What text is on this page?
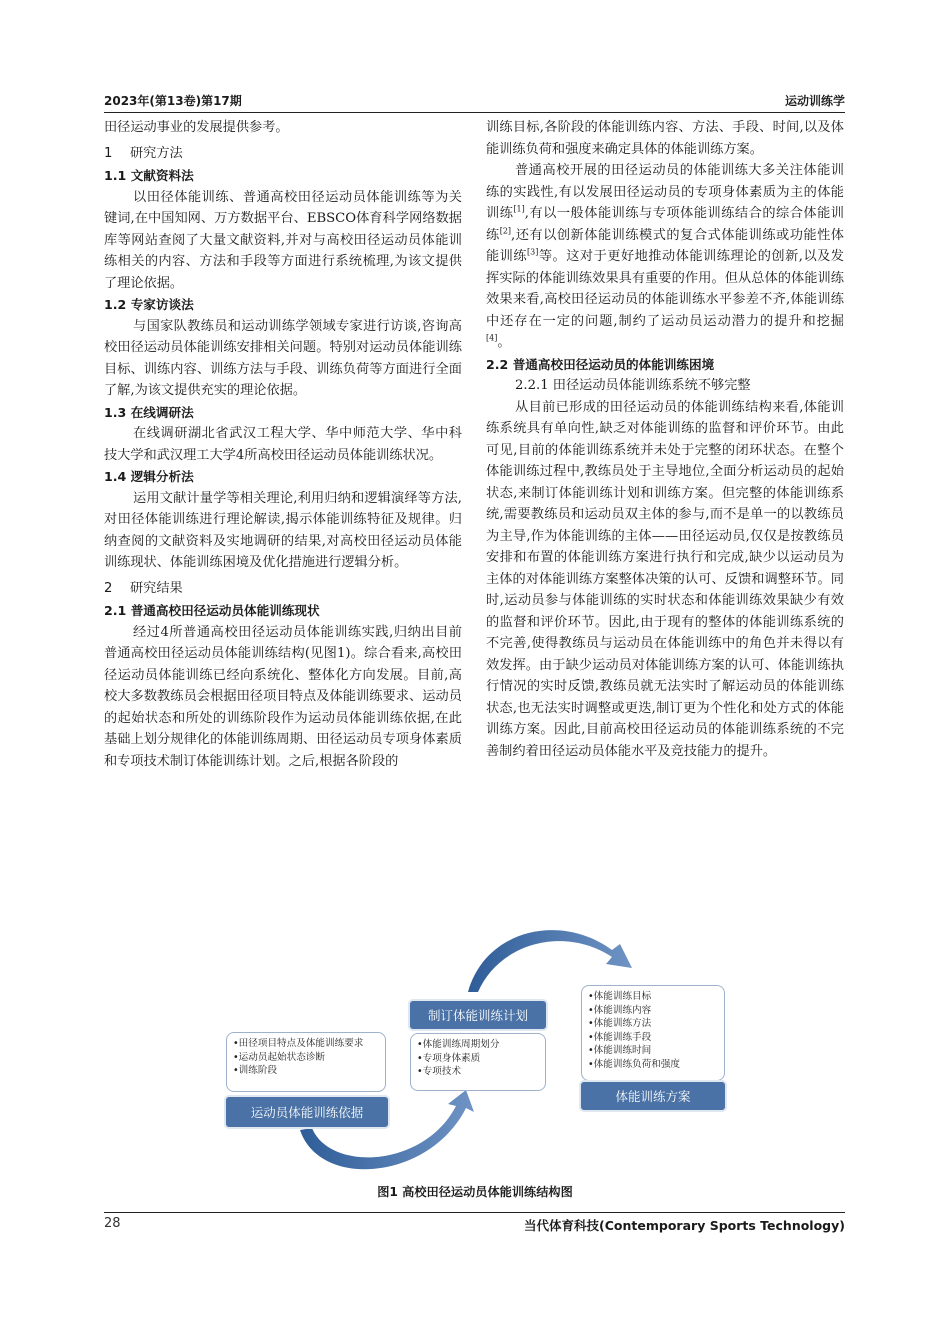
2023年(第13卷)第17期	运动训练学

田径运动事业的发展提供参考。

1 研究方法
1.1 文献资料法

以田径体能训练、普通高校田径运动员体能训练等为关键词,在中国知网、万方数据平台、EBSCO体育科学网络数据库等网站查阅了大量文献资料,并对与高校田径运动员体能训练相关的内容、方法和手段等方面进行系统梳理,为该文提供了理论依据。

1.2 专家访谈法

与国家队教练员和运动训练学领域专家进行访谈,咨询高校田径运动员体能训练安排相关问题。特别对运动员体能训练目标、训练内容、训练方法与手段、训练负荷等方面进行全面了解,为该文提供充实的理论依据。

1.3 在线调研法

在线调研湖北省武汉工程大学、华中师范大学、华中科技大学和武汉理工大学4所高校田径运动员体能训练状况。

1.4 逻辑分析法

运用文献计量学等相关理论,利用归纳和逻辑演绎等方法,对田径体能训练进行理论解读,揭示体能训练特征及规律。归纳查阅的文献资料及实地调研的结果,对高校田径运动员体能训练现状、体能训练困境及优化措施进行逻辑分析。

2 研究结果
2.1 普通高校田径运动员体能训练现状

经过4所普通高校田径运动员体能训练实践,归纳出目前普通高校田径运动员体能训练结构(见图1)。综合看来,高校田径运动员体能训练已经向系统化、整体化方向发展。目前,高校大多数教练员会根据田径项目特点及体能训练要求、运动员的起始状态和所处的训练阶段作为运动员体能训练依据,在此基础上划分规律化的体能训练周期、田径运动员专项身体素质和专项技术制订体能训练计划。之后,根据各阶段的

训练目标,各阶段的体能训练内容、方法、手段、时间,以及体能训练负荷和强度来确定具体的体能训练方案。

普通高校开展的田径运动员的体能训练大多关注体能训练的实践性,有以发展田径运动员的专项身体素质为主的体能训练[1],有以一般体能训练与专项体能训练结合的综合体能训练[2],还有以创新体能训练模式的复合式体能训练或功能性体能训练[3]等。这对于更好地推动体能训练理论的创新,以及发挥实际的体能训练效果具有重要的作用。但从总体的体能训练效果来看,高校田径运动员的体能训练水平参差不齐,体能训练中还存在一定的问题,制约了运动员运动潜力的提升和挖掘[4]。

2.2 普通高校田径运动员的体能训练困境

2.2.1 田径运动员体能训练系统不够完整

从目前已形成的田径运动员的体能训练结构来看,体能训练系统具有单向性,缺乏对体能训练的监督和评价环节。由此可见,目前的体能训练系统并未处于完整的闭环状态。在整个体能训练过程中,教练员处于主导地位,全面分析运动员的起始状态,来制订体能训练计划和训练方案。但完整的体能训练系统,需要教练员和运动员双主体的参与,而不是单一的以教练员为主导,作为体能训练的主体——田径运动员,仅仅是按教练员安排和布置的体能训练方案进行执行和完成,缺少以运动员为主体的对体能训练方案整体决策的认可、反馈和调整环节。同时,运动员参与体能训练的实时状态和体能训练效果缺少有效的监督和评价环节。因此,由于现有的整体的体能训练系统的不完善,使得教练员与运动员在体能训练中的角色并未得以有效发挥。由于缺少运动员对体能训练方案的认可、体能训练执行情况的实时反馈,教练员就无法实时了解运动员的体能训练状态,也无法实时调整或更迭,制订更为个性化和处方式的体能训练方案。因此,目前高校田径运动员的体能训练系统的不完善制约着田径运动员体能水平及竞技能力的提升。

•田径项目特点及体能训练要求
•运动员起始状态诊断
•训练阶段
运动员体能训练依据
制订体能训练计划
•体能训练周期划分
•专项身体素质
•专项技术
•体能训练目标
•体能训练内容
•体能训练方法
•体能训练手段
•体能训练时间
•体能训练负荷和强度
体能训练方案
图1 高校田径运动员体能训练结构图
28	当代体育科技(Contemporary Sports Technology)
